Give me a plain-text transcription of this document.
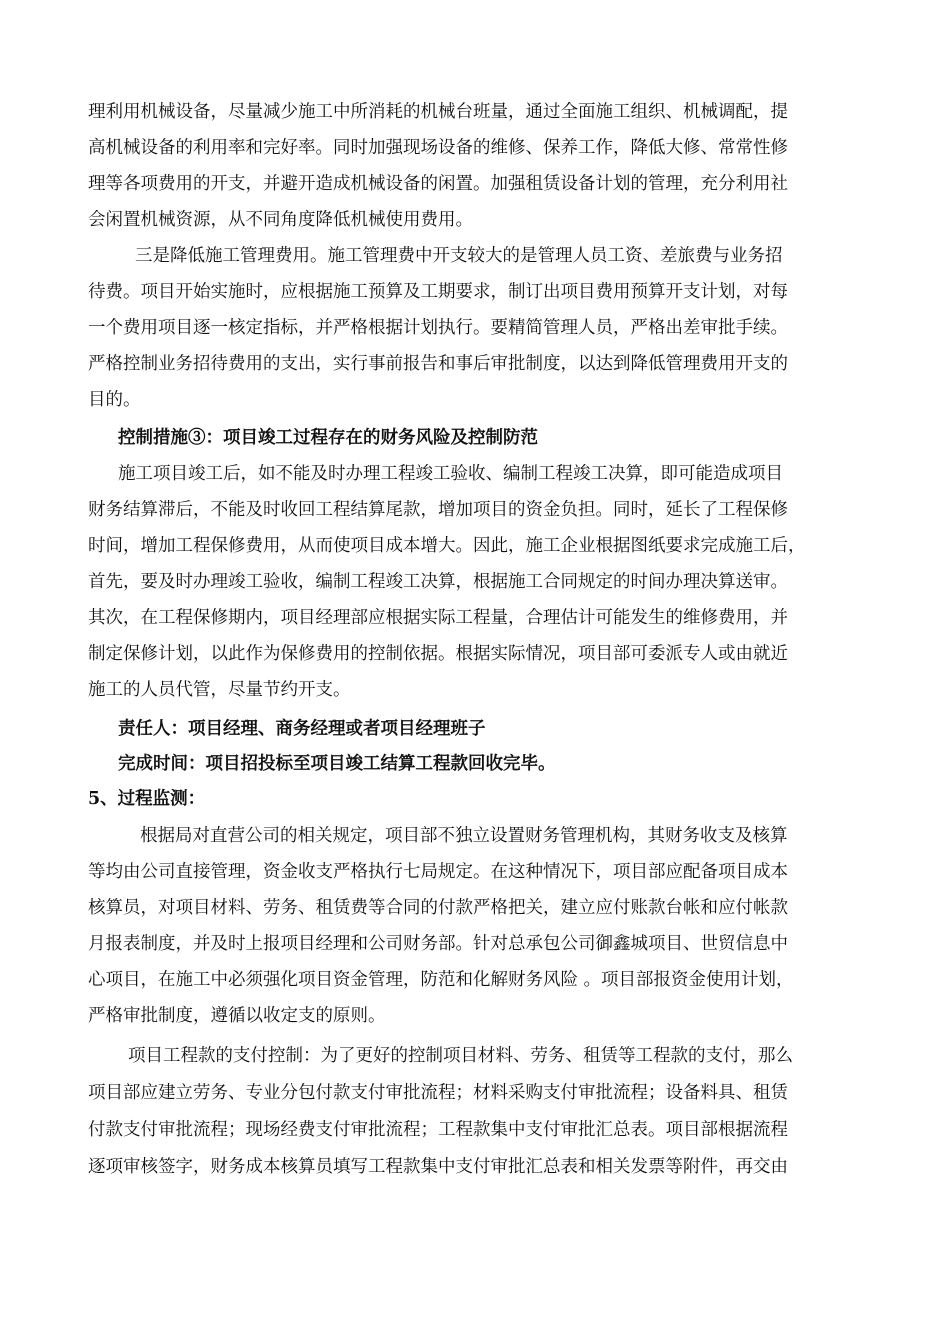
理利用机械设备，尽量减少施工中所消耗的机械台班量，通过全面施工组织、机械调配，提
高机械设备的利用率和完好率。同时加强现场设备的维修、保养工作，降低大修、常常性修
理等各项费用的开支，并避开造成机械设备的闲置。加强租赁设备计划的管理，充分利用社
会闲置机械资源，从不同角度降低机械使用费用。
三是降低施工管理费用。施工管理费中开支较大的是管理人员工资、差旅费与业务招
待费。项目开始实施时，应根据施工预算及工期要求，制订出项目费用预算开支计划，对每
一个费用项目逐一核定指标，并严格根据计划执行。要精简管理人员，严格出差审批手续。
严格控制业务招待费用的支出，实行事前报告和事后审批制度，以达到降低管理费用开支的
目的。
控制措施③：项目竣工过程存在的财务风险及控制防范
施工项目竣工后，如不能及时办理工程竣工验收、编制工程竣工决算，即可能造成项目
财务结算滞后，不能及时收回工程结算尾款，增加项目的资金负担。同时，延长了工程保修
时间，增加工程保修费用，从而使项目成本增大。因此，施工企业根据图纸要求完成施工后，
首先，要及时办理竣工验收，编制工程竣工决算，根据施工合同规定的时间办理决算送审。
其次，在工程保修期内，项目经理部应根据实际工程量，合理估计可能发生的维修费用，并
制定保修计划，以此作为保修费用的控制依据。根据实际情况，项目部可委派专人或由就近
施工的人员代管，尽量节约开支。
责任人：项目经理、商务经理或者项目经理班子
完成时间：项目招投标至项目竣工结算工程款回收完毕。
5、过程监测：
根据局对直营公司的相关规定，项目部不独立设置财务管理机构，其财务收支及核算
等均由公司直接管理，资金收支严格执行七局规定。在这种情况下，项目部应配备项目成本
核算员，对项目材料、劳务、租赁费等合同的付款严格把关，建立应付账款台帐和应付帐款
月报表制度，并及时上报项目经理和公司财务部。针对总承包公司御鑫城项目、世贸信息中
心项目，在施工中必须强化项目资金管理，防范和化解财务风险 。项目部报资金使用计划，
严格审批制度，遵循以收定支的原则。
项目工程款的支付控制：为了更好的控制项目材料、劳务、租赁等工程款的支付，那么
项目部应建立劳务、专业分包付款支付审批流程；材料采购支付审批流程；设备料具、租赁
付款支付审批流程；现场经费支付审批流程；工程款集中支付审批汇总表。项目部根据流程
逐项审核签字，财务成本核算员填写工程款集中支付审批汇总表和相关发票等附件，再交由
